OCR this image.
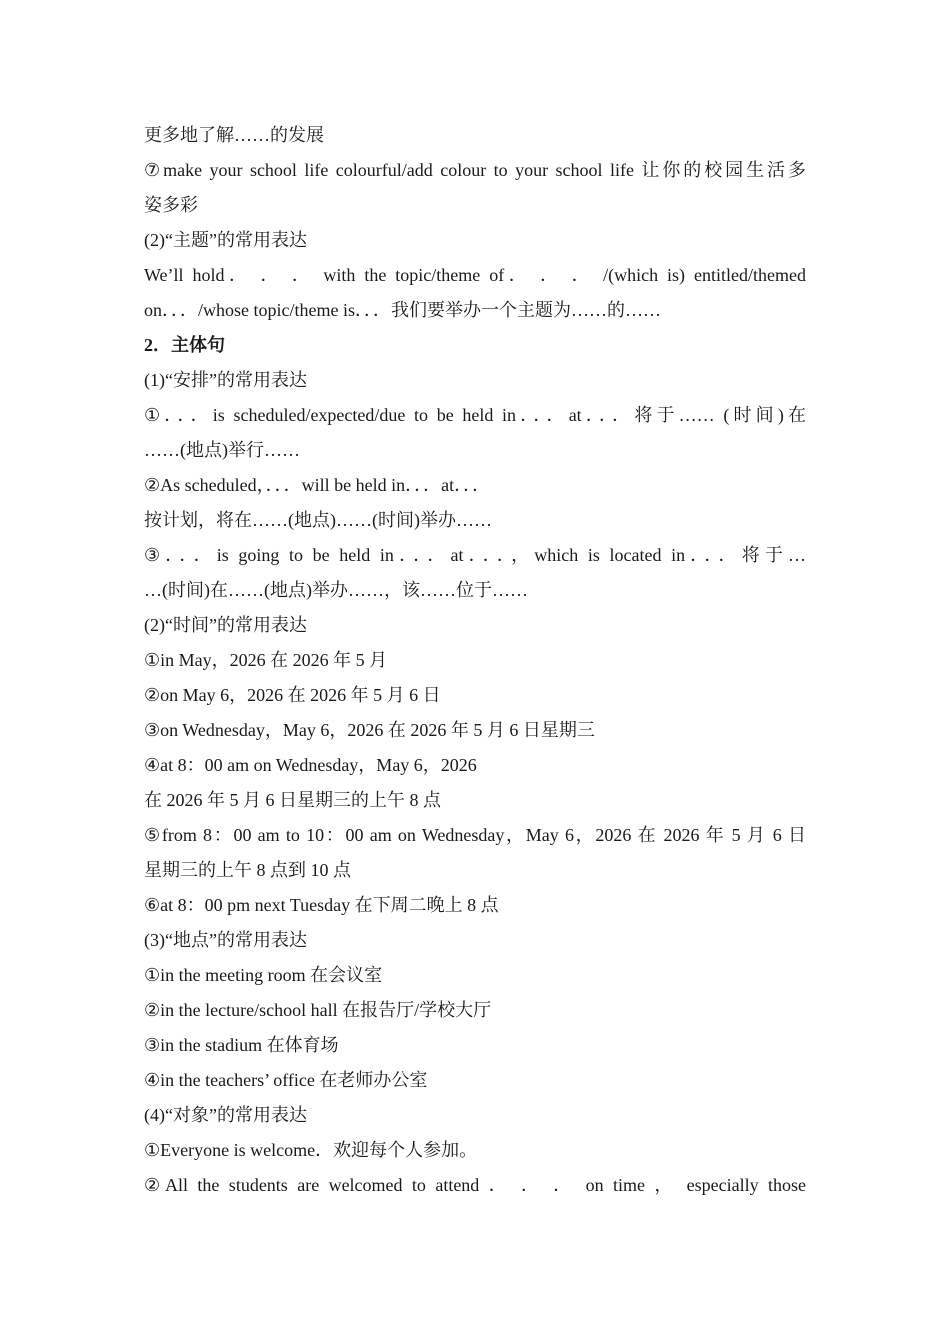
更多地了解……的发展
⑦make your school life colourful/add colour to your school life 让你的校园生活多
姿多彩
(2)“主题”的常用表达
We’ll hold． ． ． with the topic/theme of． ． ． /(which is) entitled/themed
on．．．/whose topic/theme is．．．我们要举办一个主题为……的……
2．主体句
(1)“安排”的常用表达
①．．．is scheduled/expected/due to be held in．．．at．．．将于…… (时间)在
……(地点)举行……
②As scheduled，．．．will be held in．．．at．．．
按计划，将在……(地点)……(时间)举办……
③．．．is going to be held in．．．at．．．，which is located in．．．将于…
…(时间)在……(地点)举办……，该……位于……
(2)“时间”的常用表达
①in May，2026 在 2026 年 5 月
②on May 6，2026 在 2026 年 5 月 6 日
③on Wednesday，May 6，2026 在 2026 年 5 月 6 日星期三
④at 8：00 am on Wednesday，May 6，2026
在 2026 年 5 月 6 日星期三的上午 8 点
⑤from 8：00 am to 10：00 am on Wednesday，May 6，2026 在 2026 年 5 月 6 日
星期三的上午 8 点到 10 点
⑥at 8：00 pm next Tuesday 在下周二晚上 8 点
(3)“地点”的常用表达
①in the meeting room 在会议室
②in the lecture/school hall 在报告厅/学校大厅
③in the stadium 在体育场
④in the teachers’ office 在老师办公室
(4)“对象”的常用表达
①Everyone is welcome．欢迎每个人参加。
②All the students are welcomed to attend ． ． ． on time ， especially those
